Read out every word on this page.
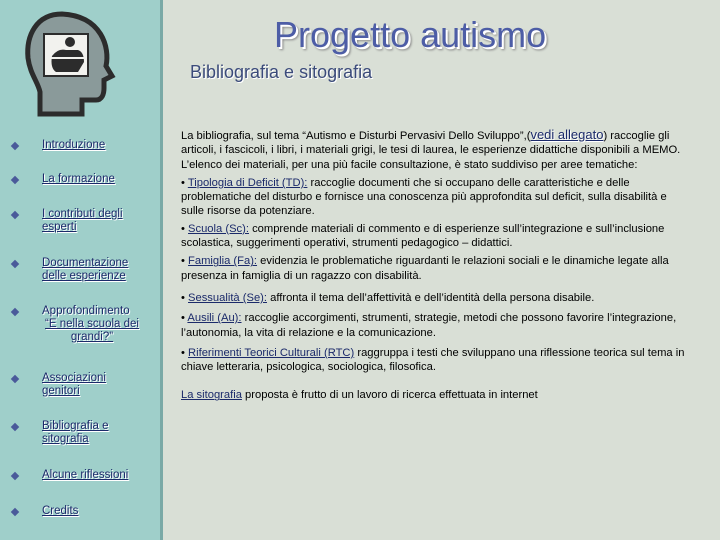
Introduzione
La formazione
I contributi degli
esperti
Documentazione
delle esperienze
Approfondimento
“E nella scuola dei
grandi?”
Associazioni
genitori
Bibliografia e
sitografia
Alcune riflessioni
Credits
Progetto autismo
Bibliografia e sitografia

La bibliografia, sul tema “Autismo e Disturbi Pervasivi Dello Sviluppo”,(vedi allegato) raccoglie gli articoli, i fascicoli, i libri, i materiali grigi, le tesi di laurea, le esperienze didattiche disponibili a MEMO.
L’elenco dei materiali, per una più facile consultazione, è stato suddiviso per aree tematiche:

• Tipologia di Deficit (TD): raccoglie documenti che si occupano delle caratteristiche e delle problematiche del disturbo e fornisce una conoscenza più approfondita sul deficit, sulla disabilità e sulle risorse da potenziare.

• Scuola (Sc): comprende materiali di commento e di esperienze sull’integrazione e sull’inclusione scolastica, suggerimenti operativi, strumenti pedagogico – didattici.

• Famiglia (Fa): evidenzia le problematiche riguardanti le relazioni sociali e le dinamiche legate alla presenza in famiglia di un ragazzo con disabilità.

• Sessualità (Se): affronta il tema dell’affettività e dell’identità della persona disabile.

• Ausili (Au): raccoglie accorgimenti, strumenti, strategie, metodi che possono favorire l’integrazione, l’autonomia, la vita di relazione e la comunicazione.

• Riferimenti Teorici Culturali (RTC) raggruppa i testi che sviluppano una riflessione teorica sul tema in chiave letteraria, psicologica, sociologica, filosofica.

La sitografia proposta è frutto di un lavoro di ricerca effettuata in internet
